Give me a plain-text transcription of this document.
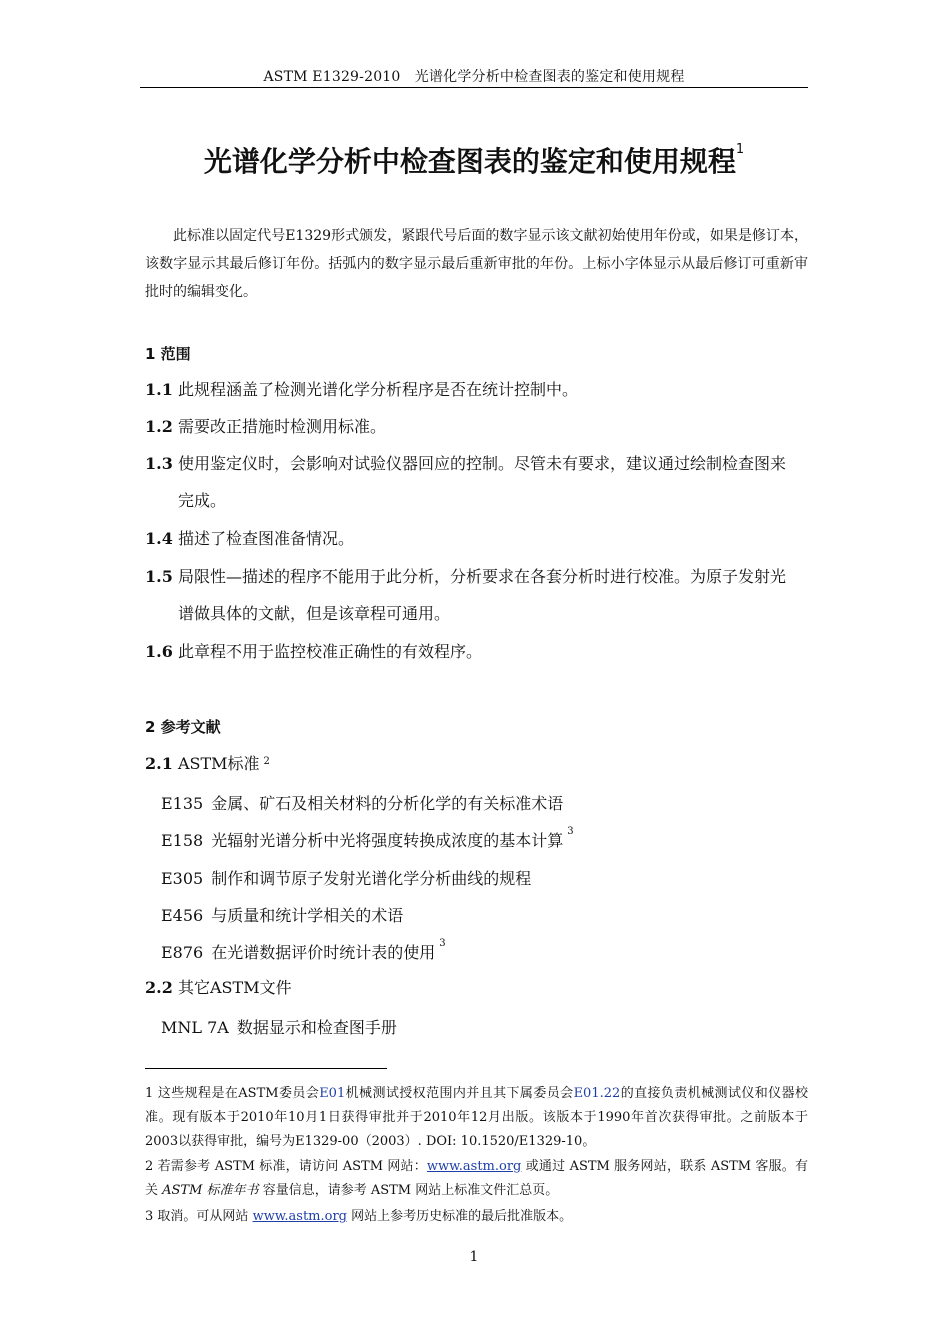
ASTM E1329-2010　光谱化学分析中检查图表的鉴定和使用规程
光谱化学分析中检查图表的鉴定和使用规程$^1$
此标准以固定代号E1329形式颁发，紧跟代号后面的数字显示该文献初始使用年份或，如果是修订本，该数字显示其最后修订年份。括弧内的数字显示最后重新审批的年份。上标小字体显示从最后修订可重新审批时的编辑变化。
1 范围
1.1 此规程涵盖了检测光谱化学分析程序是否在统计控制中。
1.2 需要改正措施时检测用标准。
1.3 使用鉴定仪时，会影响对试验仪器回应的控制。尽管未有要求，建议通过绘制检查图来
完成。
1.4 描述了检查图准备情况。
1.5 局限性—描述的程序不能用于此分析，分析要求在各套分析时进行校准。为原子发射光
谱做具体的文献，但是该章程可通用。
1.6 此章程不用于监控校准正确性的有效程序。
2 参考文献
2.1 ASTM标准 $^2$
E135 金属、矿石及相关材料的分析化学的有关标准术语
E158 光辐射光谱分析中光将强度转换成浓度的基本计算 $^3$
E305 制作和调节原子发射光谱化学分析曲线的规程
E456 与质量和统计学相关的术语
E876 在光谱数据评价时统计表的使用 $^3$
2.2 其它ASTM文件
MNL 7A 数据显示和检查图手册
1 这些规程是在ASTM委员会E01机械测试授权范围内并且其下属委员会E01.22的直接负责机械测试仪和仪器校准。现有版本于2010年10月1日获得审批并于2010年12月出版。该版本于1990年首次获得审批。之前版本于2003以获得审批，编号为E1329-00（2003）. DOI: 10.1520/E1329-10。
2 若需参考 ASTM 标准，请访问 ASTM 网站：www.astm.org 或通过 ASTM 服务网站，联系 ASTM 客服。有关 ASTM 标准年书 容量信息，请参考 ASTM 网站上标准文件汇总页。
3 取消。可从网站 www.astm.org 网站上参考历史标准的最后批准版本。
1
